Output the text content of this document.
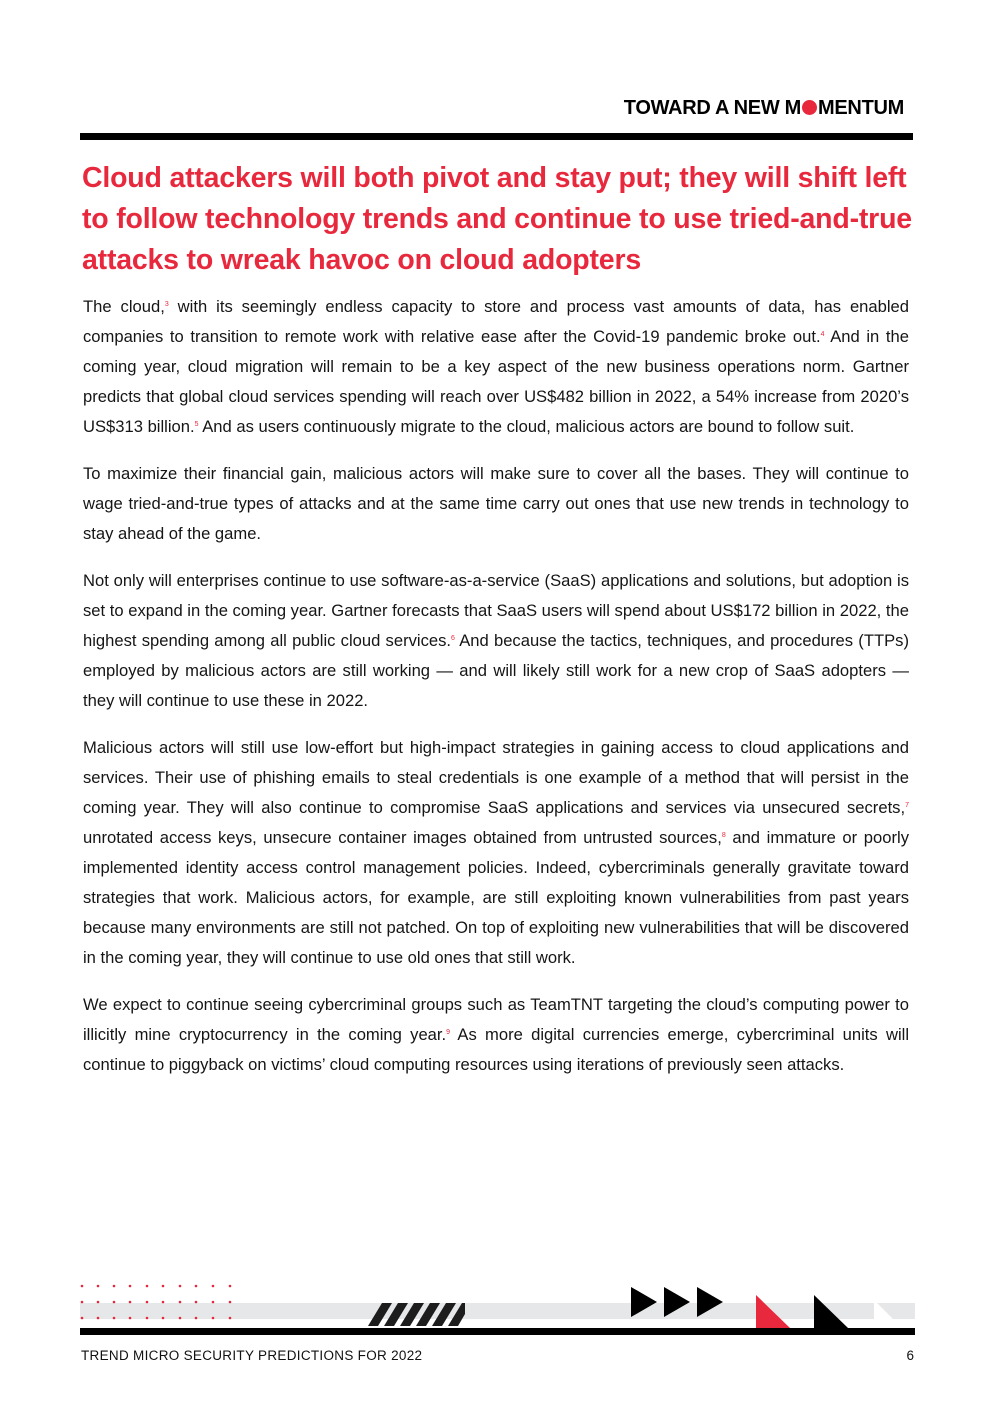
TOWARD A NEW M MENTUM
Cloud attackers will both pivot and stay put; they will shift left to follow technology trends and continue to use tried-and-true attacks to wreak havoc on cloud adopters

The cloud,$^3$ with its seemingly endless capacity to store and process vast amounts of data, has enabled companies to transition to remote work with relative ease after the Covid-19 pandemic broke out.$^4$ And in the coming year, cloud migration will remain to be a key aspect of the new business operations norm. Gartner predicts that global cloud services spending will reach over US$482 billion in 2022, a 54% increase from 2020’s US$313 billion.$^5$ And as users continuously migrate to the cloud, malicious actors are bound to follow suit.

To maximize their financial gain, malicious actors will make sure to cover all the bases. They will continue to wage tried-and-true types of attacks and at the same time carry out ones that use new trends in technology to stay ahead of the game.

Not only will enterprises continue to use software-as-a-service (SaaS) applications and solutions, but adoption is set to expand in the coming year. Gartner forecasts that SaaS users will spend about US$172 billion in 2022, the highest spending among all public cloud services.$^6$ And because the tactics, techniques, and procedures (TTPs) employed by malicious actors are still working — and will likely still work for a new crop of SaaS adopters — they will continue to use these in 2022.

Malicious actors will still use low-effort but high-impact strategies in gaining access to cloud applications and services. Their use of phishing emails to steal credentials is one example of a method that will persist in the coming year. They will also continue to compromise SaaS applications and services via unsecured secrets,$^7$ unrotated access keys, unsecure container images obtained from untrusted sources,$^8$ and immature or poorly implemented identity access control management policies. Indeed, cybercriminals generally gravitate toward strategies that work. Malicious actors, for example, are still exploiting known vulnerabilities from past years because many environments are still not patched. On top of exploiting new vulnerabilities that will be discovered in the coming year, they will continue to use old ones that still work.

We expect to continue seeing cybercriminal groups such as TeamTNT targeting the cloud’s computing power to illicitly mine cryptocurrency in the coming year.$^9$ As more digital currencies emerge, cybercriminal units will continue to piggyback on victims’ cloud computing resources using iterations of previously seen attacks.

TREND MICRO SECURITY PREDICTIONS FOR 2022	6
